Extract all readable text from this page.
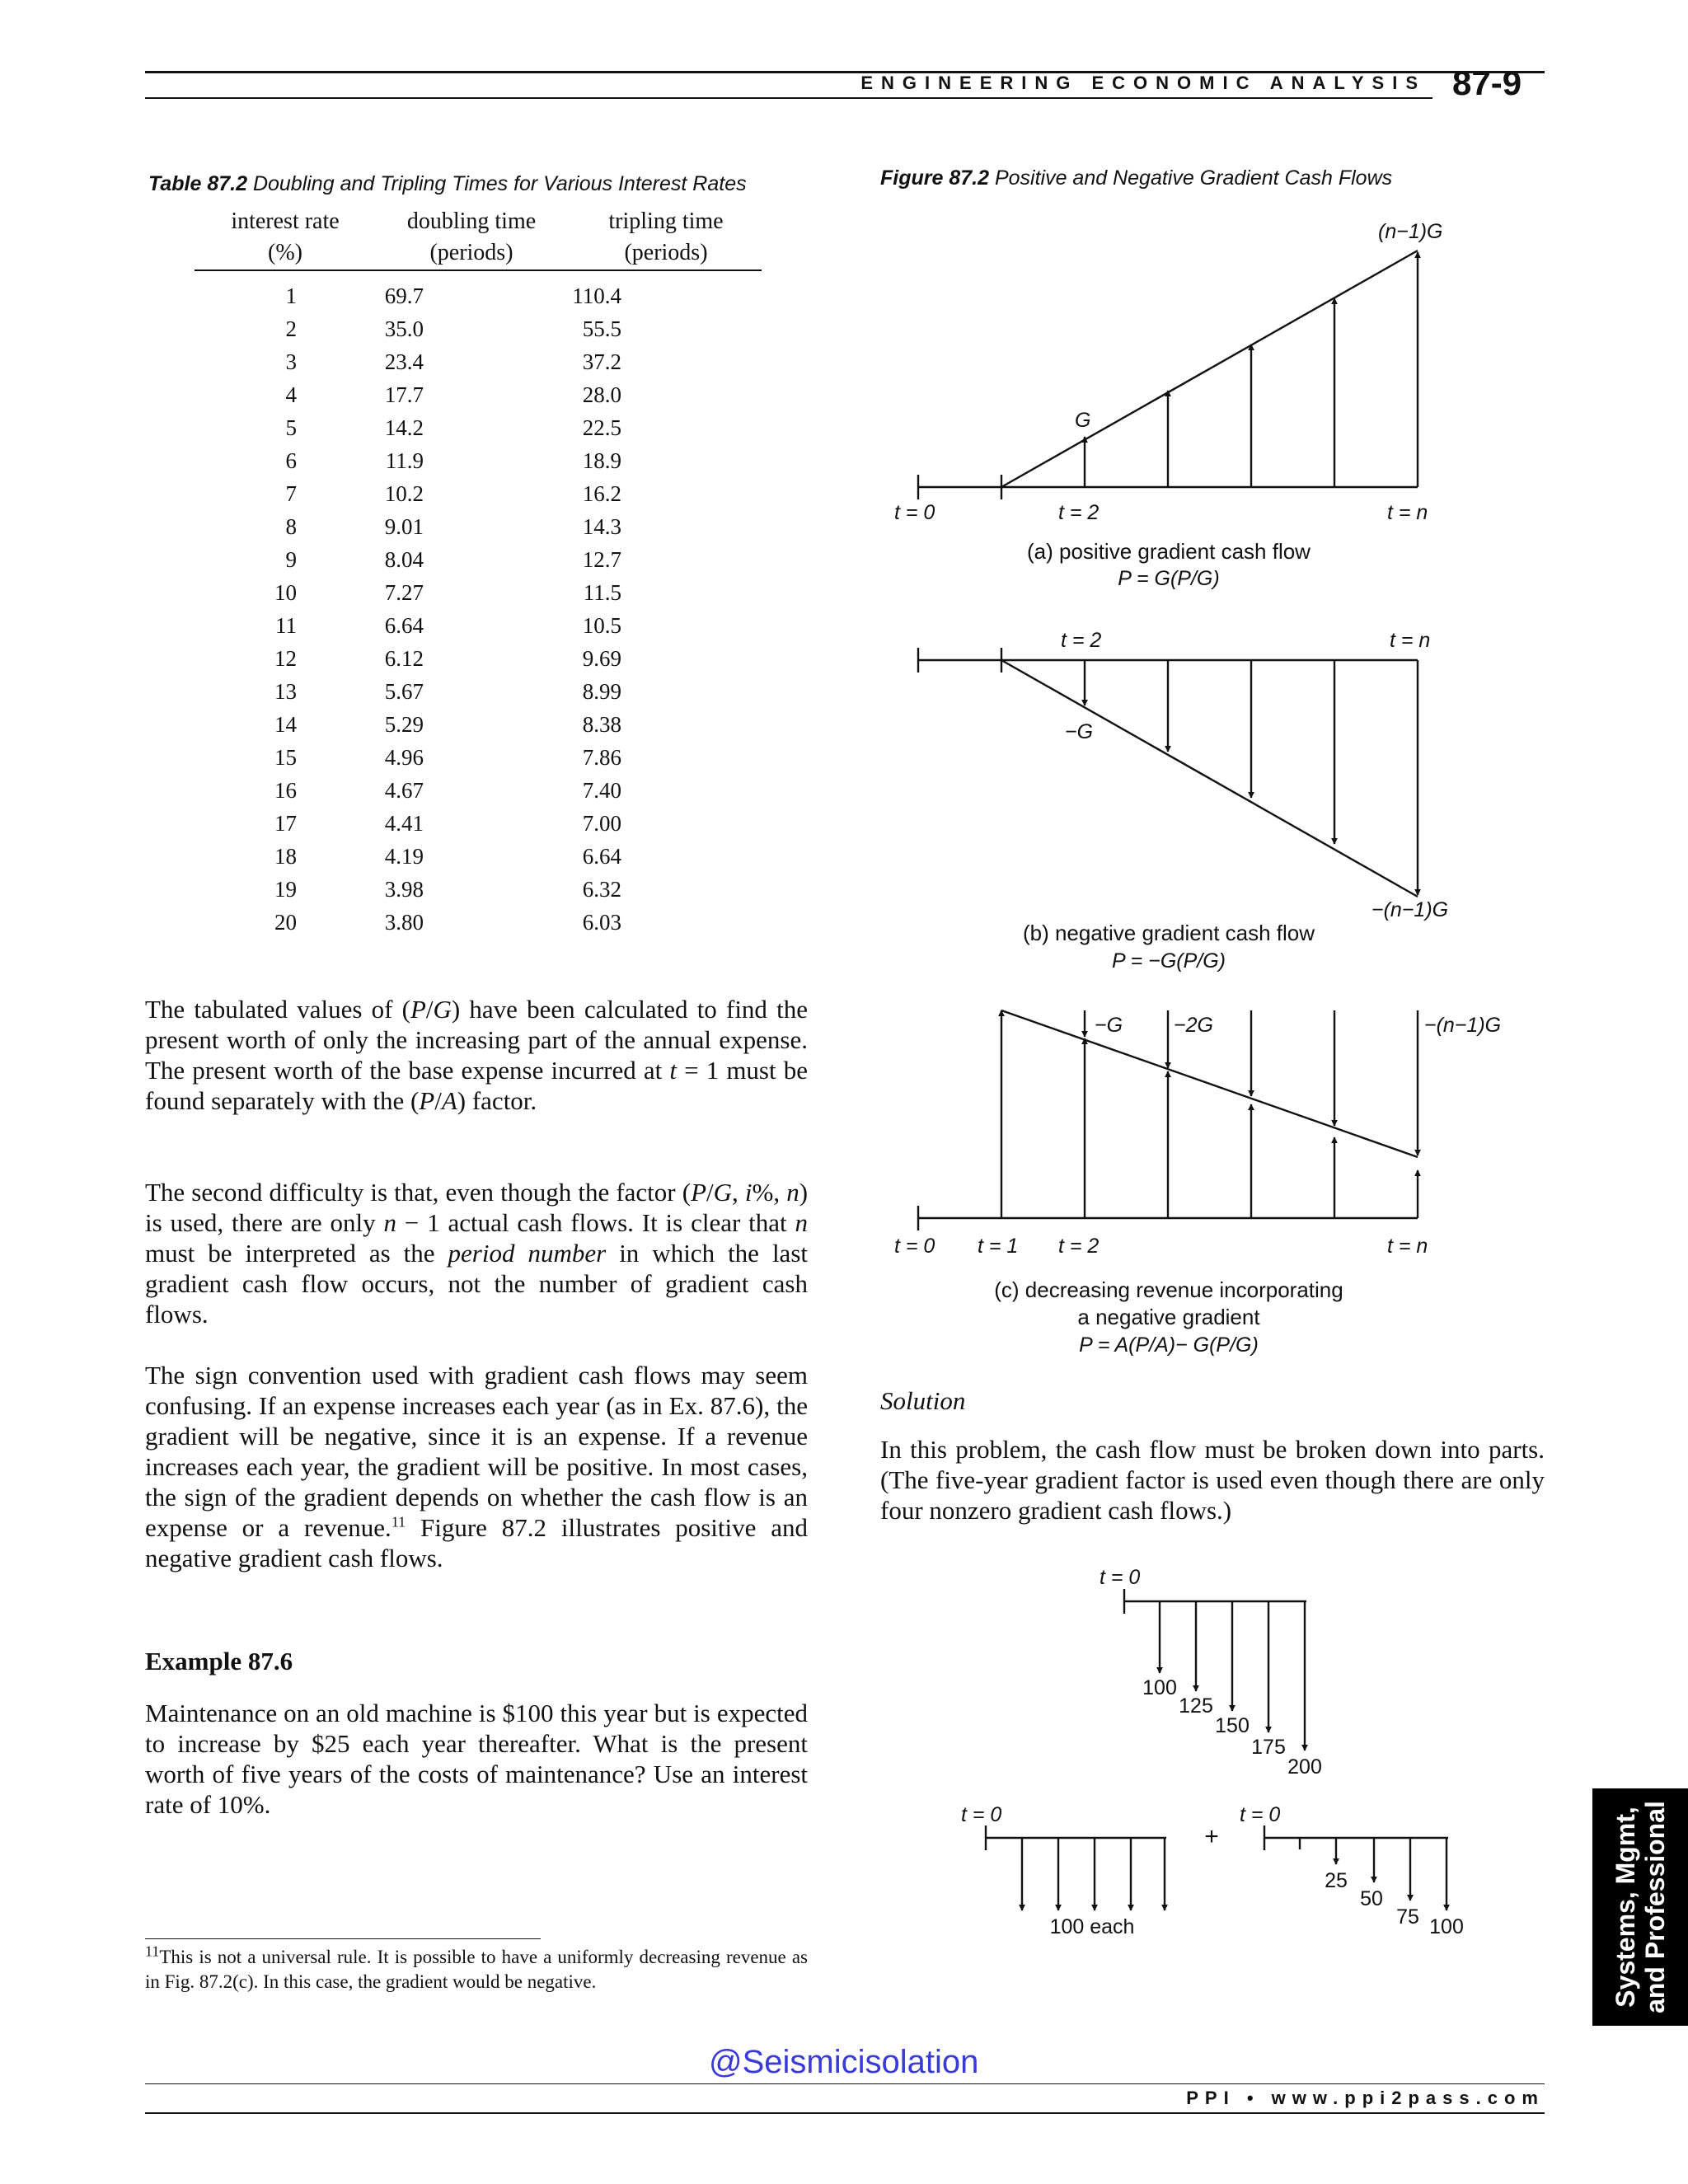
ENGINEERING ECONOMIC ANALYSIS 87-9
Table 87.2 Doubling and Tripling Times for Various Interest Rates
interest rate
(%)
doubling time
(periods)
tripling time
(periods)
1	69.7	110.4
2	35.0	55.5
3	23.4	37.2
4	17.7	28.0
5	14.2	22.5
6	11.9	18.9
7	10.2	16.2
8	9.01	14.3
9	8.04	12.7
10	7.27	11.5
11	6.64	10.5
12	6.12	9.69
13	5.67	8.99
14	5.29	8.38
15	4.96	7.86
16	4.67	7.40
17	4.41	7.00
18	4.19	6.64
19	3.98	6.32
20	3.80	6.03
The tabulated values of (P/G) have been calculated to find the present worth of only the increasing part of the annual expense. The present worth of the base expense incurred at t = 1 must be found separately with the (P/A) factor.
The second difficulty is that, even though the factor (P/G, i%, n) is used, there are only n − 1 actual cash flows. It is clear that n must be interpreted as the period number in which the last gradient cash flow occurs, not the number of gradient cash flows.
The sign convention used with gradient cash flows may seem confusing. If an expense increases each year (as in Ex. 87.6), the gradient will be negative, since it is an expense. If a revenue increases each year, the gradient will be positive. In most cases, the sign of the gradient depends on whether the cash flow is an expense or a revenue.$^{11}$ Figure 87.2 illustrates positive and negative gradient cash flows.
Example 87.6
Maintenance on an old machine is $100 this year but is expected to increase by $25 each year thereafter. What is the present worth of five years of the costs of maintenance? Use an interest rate of 10%.
$^{11}$This is not a universal rule. It is possible to have a uniformly decreasing revenue as in Fig. 87.2(c). In this case, the gradient would be negative.
Figure 87.2 Positive and Negative Gradient Cash Flows
(n−1)G
G
t = 0	t = 2	t = n
(a) positive gradient cash flow
P = G(P/G)
t = 2	t = n
−G
−(n−1)G
(b) negative gradient cash flow
P = −G(P/G)
−G −2G	−(n−1)G
t = 0 t = 1 t = 2	t = n
(c) decreasing revenue incorporating
a negative gradient
P = A(P/A)− G(P/G)
t = 0
100
125
150
175
200
t = 0
100 each
+
t = 0
25
50
75 100
Solution
In this problem, the cash flow must be broken down into parts. (The five-year gradient factor is used even though there are only four nonzero gradient cash flows.)
Systems, Mgmt, and Professional
@Seismicisolation
PPI • www.ppi2pass.com
